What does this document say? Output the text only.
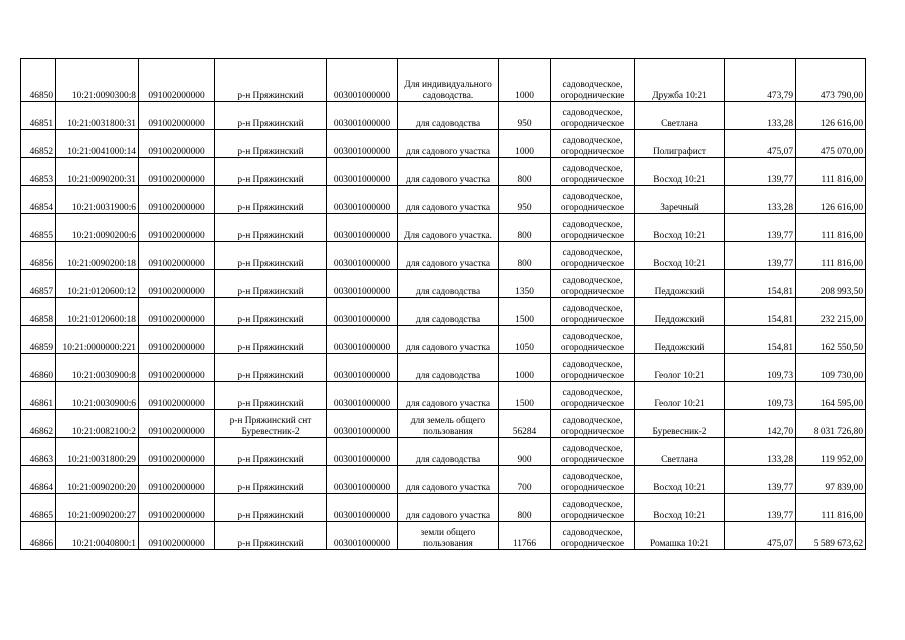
46850	10:21:0090300:8	091002000000	р-н Пряжинский	003001000000	Для индивидуального садоводства.	1000	садоводческое, огороднические	Дружба 10:21	473,79	473 790,00
46851	10:21:0031800:31	091002000000	р-н Пряжинский	003001000000	для садоводства	950	садоводческое, огородническое	Светлана	133,28	126 616,00
46852	10:21:0041000:14	091002000000	р-н Пряжинский	003001000000	для садового участка	1000	садоводческое, огородническое	Полиграфист	475,07	475 070,00
46853	10:21:0090200:31	091002000000	р-н Пряжинский	003001000000	для садового участка	800	садоводческое, огородническое	Восход 10:21	139,77	111 816,00
46854	10:21:0031900:6	091002000000	р-н Пряжинский	003001000000	для садового участка	950	садоводческое, огородническое	Заречный	133,28	126 616,00
46855	10:21:0090200:6	091002000000	р-н Пряжинский	003001000000	Для садового участка.	800	садоводческое, огородническое	Восход 10:21	139,77	111 816,00
46856	10:21:0090200:18	091002000000	р-н Пряжинский	003001000000	для садового участка	800	садоводческое, огородническое	Восход 10:21	139,77	111 816,00
46857	10:21:0120600:12	091002000000	р-н Пряжинский	003001000000	для садоводства	1350	садоводческое, огородническое	Педдожский	154,81	208 993,50
46858	10:21:0120600:18	091002000000	р-н Пряжинский	003001000000	для садоводства	1500	садоводческое, огородническое	Педдожский	154,81	232 215,00
46859	10:21:0000000:221	091002000000	р-н Пряжинский	003001000000	для садового участка	1050	садоводческое, огородническое	Педдожский	154,81	162 550,50
46860	10:21:0030900:8	091002000000	р-н Пряжинский	003001000000	для садоводства	1000	садоводческое, огородническое	Геолог 10:21	109,73	109 730,00
46861	10:21:0030900:6	091002000000	р-н Пряжинский	003001000000	для садового участка	1500	садоводческое, огородническое	Геолог 10:21	109,73	164 595,00
46862	10:21:0082100:2	091002000000	р-н Пряжинский снт Буревестник-2	003001000000	для земель общего пользования	56284	садоводческое, огородническое	Буревесник-2	142,70	8 031 726,80
46863	10:21:0031800:29	091002000000	р-н Пряжинский	003001000000	для садоводства	900	садоводческое, огородническое	Светлана	133,28	119 952,00
46864	10:21:0090200:20	091002000000	р-н Пряжинский	003001000000	для садового участка	700	садоводческое, огородническое	Восход 10:21	139,77	97 839,00
46865	10:21:0090200:27	091002000000	р-н Пряжинский	003001000000	для садового участка	800	садоводческое, огородническое	Восход 10:21	139,77	111 816,00
46866	10:21:0040800:1	091002000000	р-н Пряжинский	003001000000	земли общего пользования	11766	садоводческое, огородническое	Ромашка 10:21	475,07	5 589 673,62
